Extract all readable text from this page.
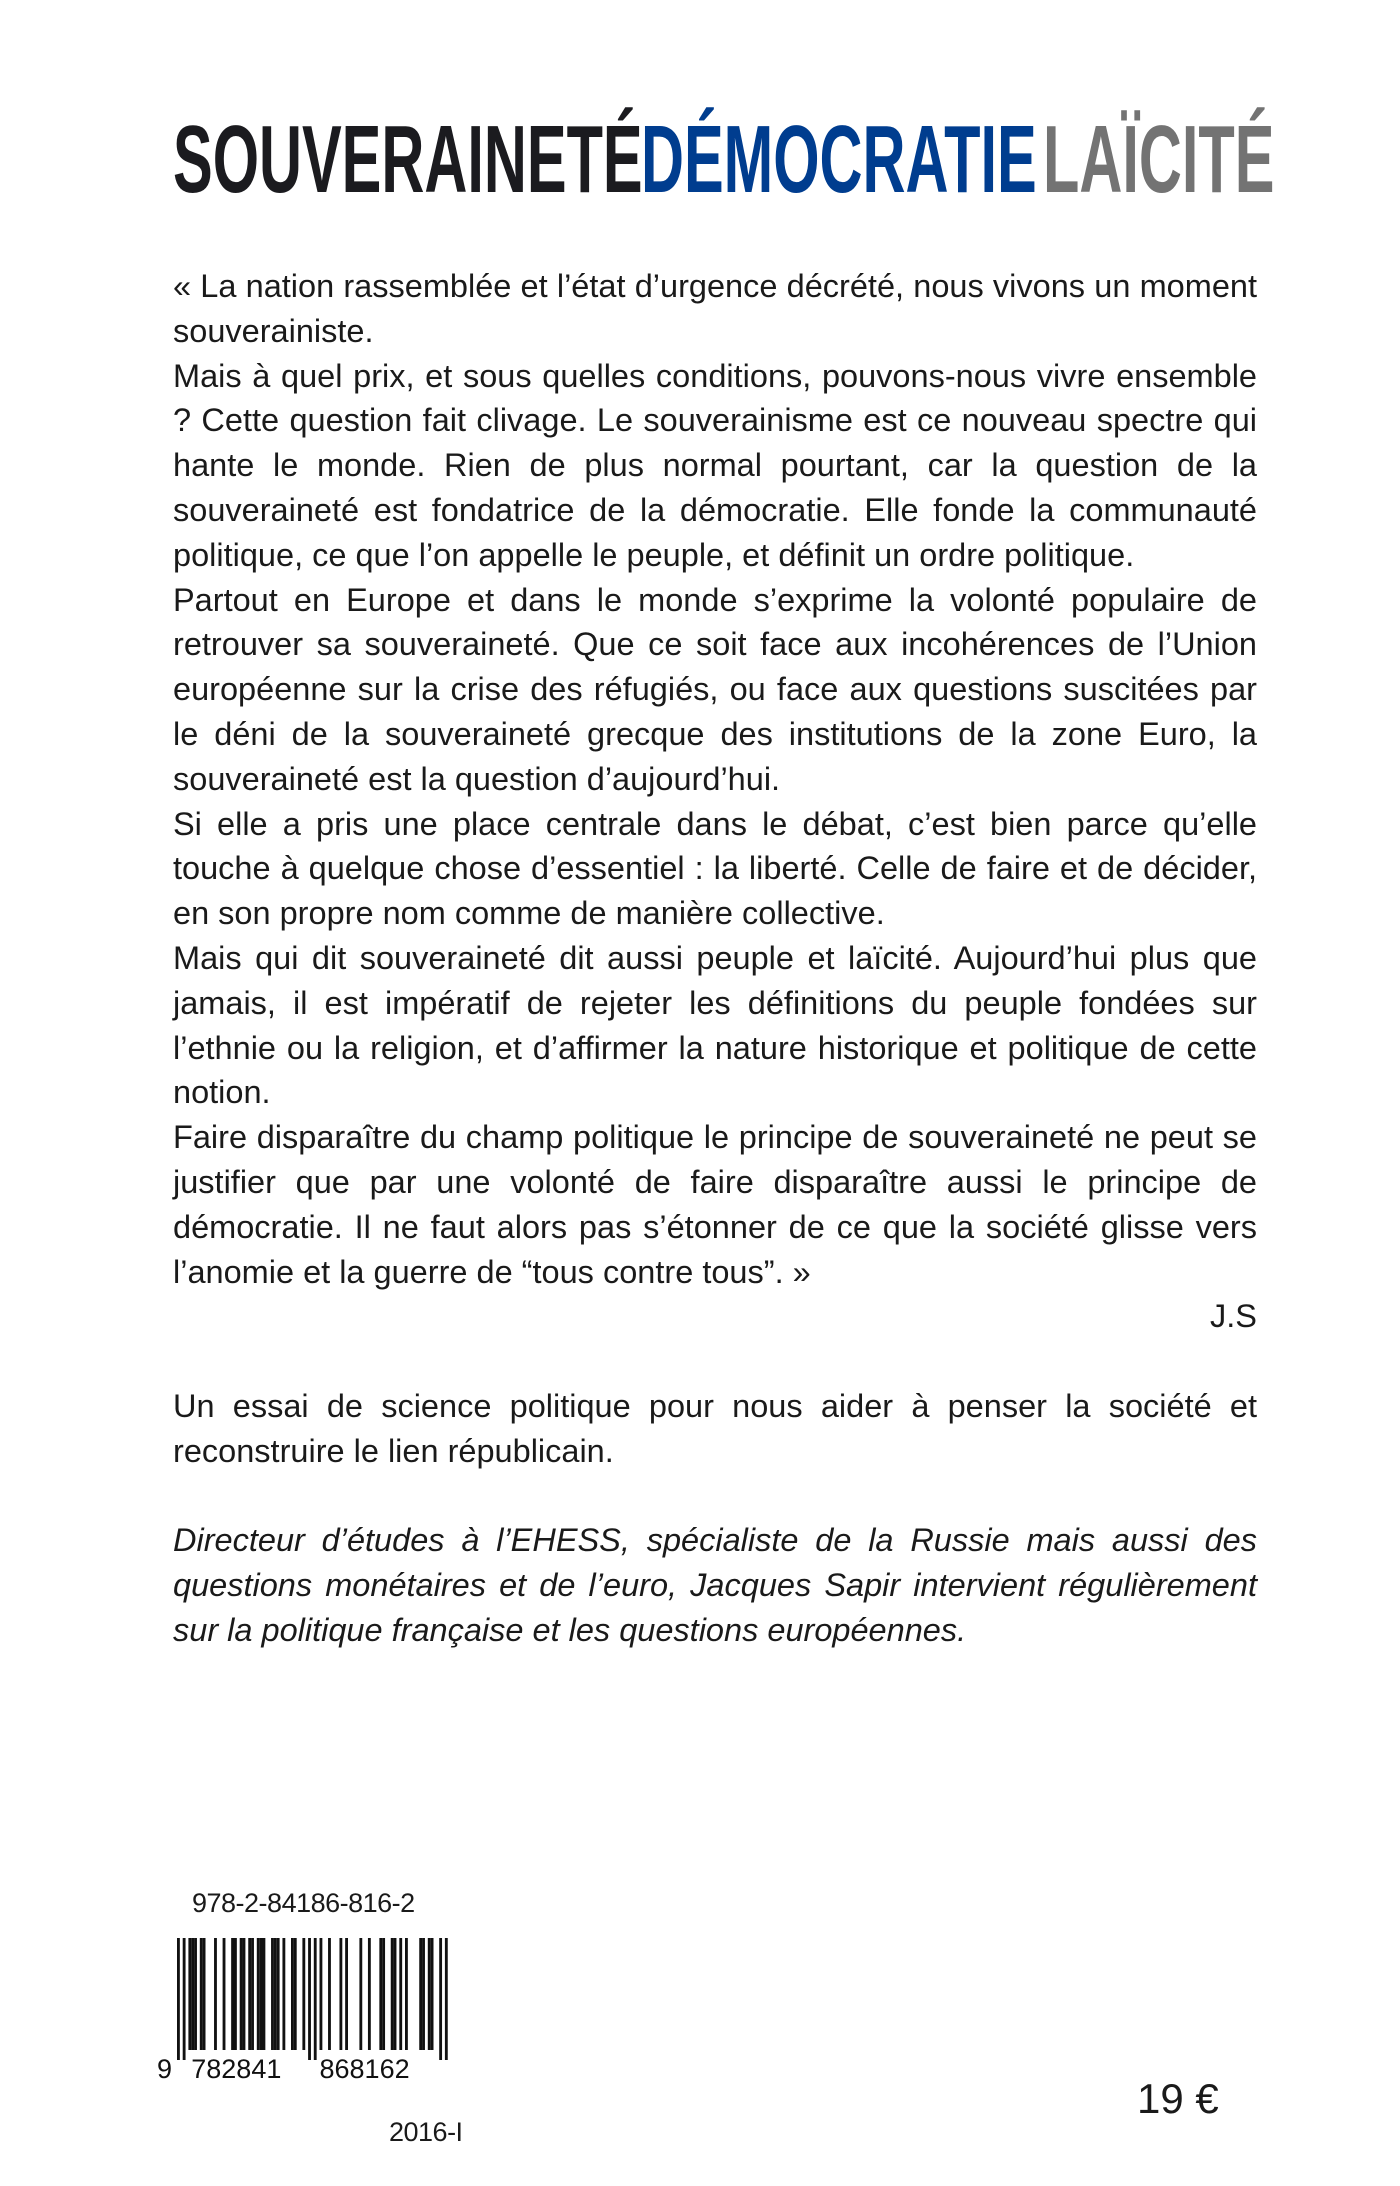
SOUVERAINETÉ
DÉMOCRATIE LAÏCITÉ

« La nation rassemblée et l’état d’urgence décrété, nous vivons un moment souverainiste.

Mais à quel prix, et sous quelles conditions, pouvons-nous vivre ensemble ? Cette question fait clivage. Le souverainisme est ce nouveau spectre qui hante le monde. Rien de plus normal pourtant, car la question de la souveraineté est fondatrice de la démocratie. Elle fonde la communauté politique, ce que l’on appelle le peuple, et définit un ordre politique.

Partout en Europe et dans le monde s’exprime la volonté populaire de retrouver sa souveraineté. Que ce soit face aux incohérences de l’Union européenne sur la crise des réfugiés, ou face aux questions suscitées par le déni de la souveraineté grecque des institutions de la zone Euro, la souveraineté est la question d’aujourd’hui.

Si elle a pris une place centrale dans le débat, c’est bien parce qu’elle touche à quelque chose d’essentiel : la liberté. Celle de faire et de décider, en son propre nom comme de manière collective.

Mais qui dit souveraineté dit aussi peuple et laïcité. Aujourd’hui plus que jamais, il est impératif de rejeter les définitions du peuple fondées sur l’ethnie ou la religion, et d’affirmer la nature historique et politique de cette notion.

Faire disparaître du champ politique le principe de souveraineté ne peut se justifier que par une volonté de faire disparaître aussi le principe de démocratie. Il ne faut alors pas s’étonner de ce que la société glisse vers l’anomie et la guerre de “tous contre tous”. »

J.S

Un essai de science politique pour nous aider à penser la société et reconstruire le lien républicain.

Directeur d’études à l’EHESS, spécialiste de la Russie mais aussi des questions monétaires et de l’euro, Jacques Sapir intervient régulièrement sur la politique française et les questions européennes.

978-2-84186-816-2
9 782841 868162
19 €
2016-I
